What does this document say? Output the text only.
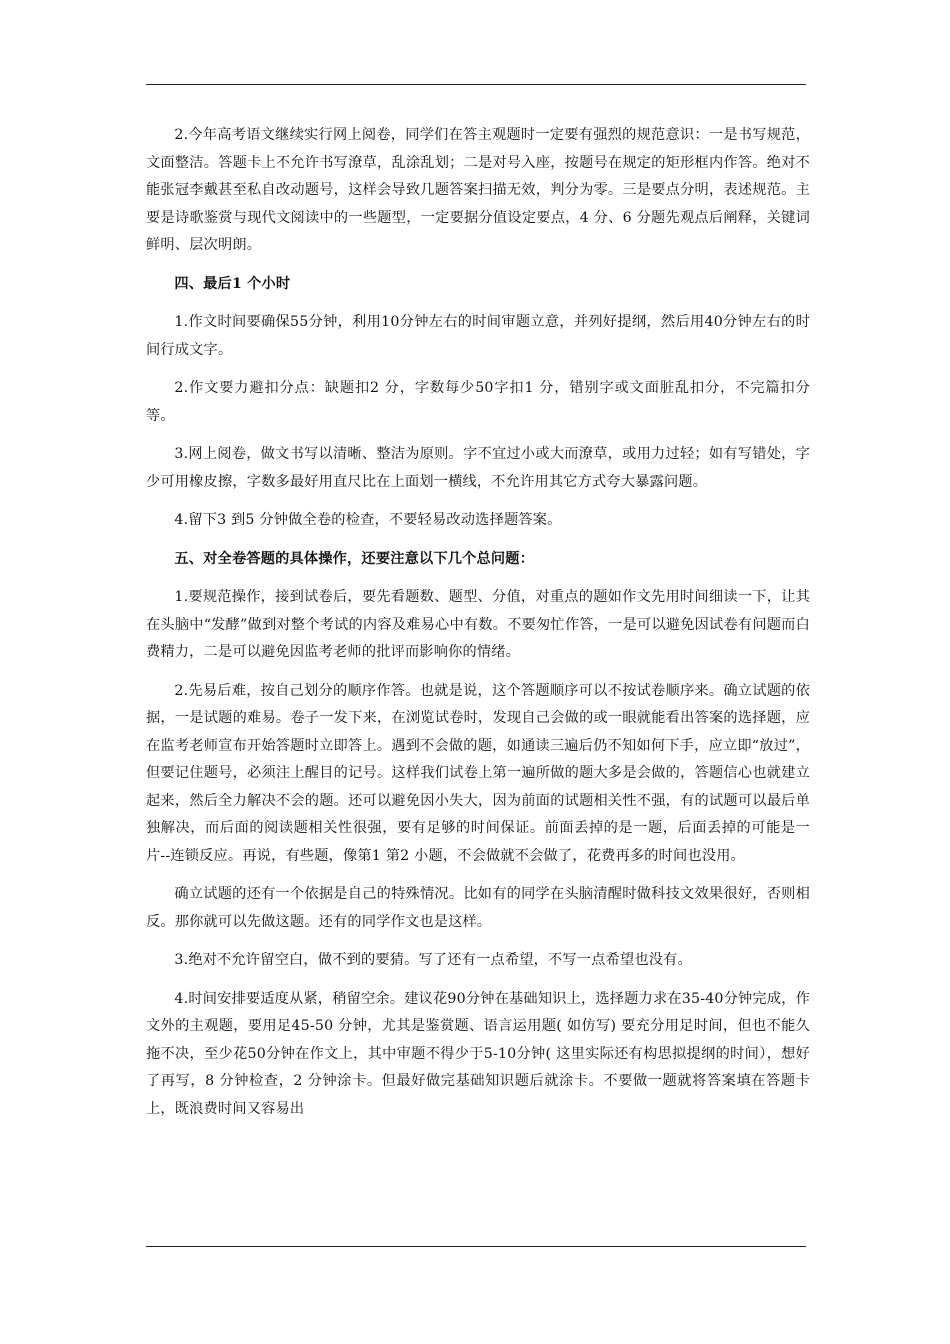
2.今年高考语文继续实行网上阅卷，同学们在答主观题时一定要有强烈的规范意识：一是书写规范，文面整洁。答题卡上不允许书写潦草，乱涂乱划；二是对号入座，按题号在规定的矩形框内作答。绝对不能张冠李戴甚至私自改动题号，这样会导致几题答案扫描无效，判分为零。三是要点分明，表述规范。主要是诗歌鉴赏与现代文阅读中的一些题型，一定要据分值设定要点，4 分、6 分题先观点后阐释，关键词鲜明、层次明朗。

四、最后1 个小时

1.作文时间要确保55分钟，利用10分钟左右的时间审题立意，并列好提纲，然后用40分钟左右的时间行成文字。

2.作文要力避扣分点：缺题扣2 分，字数每少50字扣1 分，错别字或文面脏乱扣分，不完篇扣分等。

3.网上阅卷，做文书写以清晰、整洁为原则。字不宜过小或大而潦草，或用力过轻；如有写错处，字少可用橡皮擦，字数多最好用直尺比在上面划一横线，不允许用其它方式夸大暴露问题。

4.留下3 到5 分钟做全卷的检查，不要轻易改动选择题答案。

五、对全卷答题的具体操作，还要注意以下几个总问题：

1.要规范操作，接到试卷后，要先看题数、题型、分值，对重点的题如作文先用时间细读一下，让其在头脑中“发酵”做到对整个考试的内容及难易心中有数。不要匆忙作答，一是可以避免因试卷有问题而白费精力，二是可以避免因监考老师的批评而影响你的情绪。

2.先易后难，按自己划分的顺序作答。也就是说，这个答题顺序可以不按试卷顺序来。确立试题的依据，一是试题的难易。卷子一发下来，在浏览试卷时，发现自己会做的或一眼就能看出答案的选择题，应在监考老师宣布开始答题时立即答上。遇到不会做的题，如通读三遍后仍不知如何下手，应立即“放过”，但要记住题号，必须注上醒目的记号。这样我们试卷上第一遍所做的题大多是会做的，答题信心也就建立起来，然后全力解决不会的题。还可以避免因小失大，因为前面的试题相关性不强，有的试题可以最后单独解决，而后面的阅读题相关性很强，要有足够的时间保证。前面丢掉的是一题，后面丢掉的可能是一片--连锁反应。再说，有些题，像第1 第2 小题，不会做就不会做了，花费再多的时间也没用。

确立试题的还有一个依据是自己的特殊情况。比如有的同学在头脑清醒时做科技文效果很好，否则相反。那你就可以先做这题。还有的同学作文也是这样。

3.绝对不允许留空白，做不到的要猜。写了还有一点希望，不写一点希望也没有。

4.时间安排要适度从紧，稍留空余。建议花90分钟在基础知识上，选择题力求在35-40分钟完成，作文外的主观题，要用足45-50 分钟，尤其是鉴赏题、语言运用题( 如仿写) 要充分用足时间，但也不能久拖不决，至少花50分钟在作文上，其中审题不得少于5-10分钟( 这里实际还有构思拟提纲的时间），想好了再写，8 分钟检查，2 分钟涂卡。但最好做完基础知识题后就涂卡。不要做一题就将答案填在答题卡上，既浪费时间又容易出
